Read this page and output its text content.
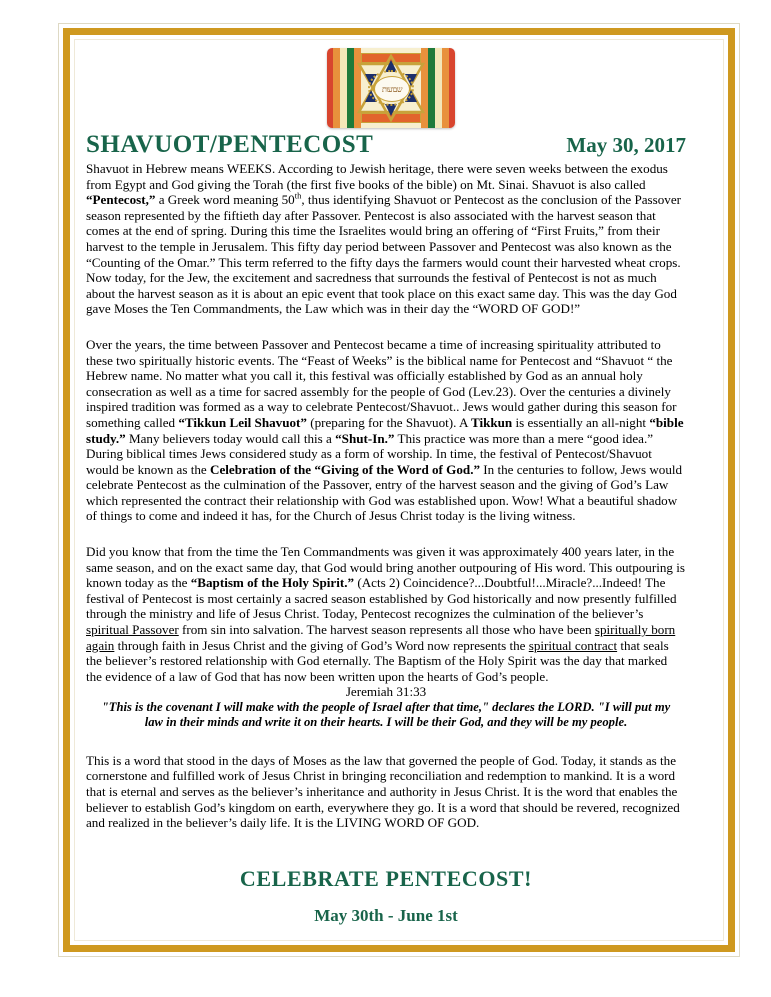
שבועות
SHAVUOT/PENTECOST	May 30, 2017

Shavuot in Hebrew means WEEKS. According to Jewish heritage, there were seven weeks between the exodus from Egypt and God giving the Torah (the first five books of the bible) on Mt. Sinai. Shavuot is also called “Pentecost,” a Greek word meaning 50th, thus identifying Shavuot or Pentecost as the conclusion of the Passover season represented by the fiftieth day after Passover. Pentecost is also associated with the harvest season that comes at the end of spring. During this time the Israelites would bring an offering of “First Fruits,” from their harvest to the temple in Jerusalem. This fifty day period between Passover and Pentecost was also known as the “Counting of the Omar.” This term referred to the fifty days the farmers would count their harvested wheat crops. Now today, for the Jew, the excitement and sacredness that surrounds the festival of Pentecost is not as much about the harvest season as it is about an epic event that took place on this exact same day. This was the day God gave Moses the Ten Commandments, the Law which was in their day the “WORD OF GOD!”

Over the years, the time between Passover and Pentecost became a time of increasing spirituality attributed to these two spiritually historic events. The “Feast of Weeks” is the biblical name for Pentecost and “Shavuot “ the Hebrew name. No matter what you call it, this festival was officially established by God as an annual holy consecration as well as a time for sacred assembly for the people of God (Lev.23). Over the centuries a divinely inspired tradition was formed as a way to celebrate Pentecost/Shavuot.. Jews would gather during this season for something called “Tikkun Leil Shavuot” (preparing for the Shavuot). A Tikkun is essentially an all-night “bible study.” Many believers today would call this a “Shut-In.” This practice was more than a mere “good idea.” During biblical times Jews considered study as a form of worship. In time, the festival of Pentecost/Shavuot would be known as the Celebration of the “Giving of the Word of God.” In the centuries to follow, Jews would celebrate Pentecost as the culmination of the Passover, entry of the harvest season and the giving of God’s Law which represented the contract their relationship with God was established upon. Wow! What a beautiful shadow of things to come and indeed it has, for the Church of Jesus Christ today is the living witness.

Did you know that from the time the Ten Commandments was given it was approximately 400 years later, in the same season, and on the exact same day, that God would bring another outpouring of His word. This outpouring is known today as the “Baptism of the Holy Spirit.” (Acts 2) Coincidence?...Doubtful!...Miracle?...Indeed! The festival of Pentecost is most certainly a sacred season established by God historically and now presently fulfilled through the ministry and life of Jesus Christ. Today, Pentecost recognizes the culmination of the believer’s spiritual Passover from sin into salvation. The harvest season represents all those who have been spiritually born again through faith in Jesus Christ and the giving of God’s Word now represents the spiritual contract that seals the believer’s restored relationship with God eternally. The Baptism of the Holy Spirit was the day that marked the evidence of a law of God that has now been written upon the hearts of God’s people.

Jeremiah 31:33

"This is the covenant I will make with the people of Israel after that time," declares the LORD. "I will put my law in their minds and write it on their hearts. I will be their God, and they will be my people.

This is a word that stood in the days of Moses as the law that governed the people of God. Today, it stands as the cornerstone and fulfilled work of Jesus Christ in bringing reconciliation and redemption to mankind. It is a word that is eternal and serves as the believer’s inheritance and authority in Jesus Christ. It is the word that enables the believer to establish God’s kingdom on earth, everywhere they go. It is a word that should be revered, recognized and realized in the believer’s daily life. It is the LIVING WORD OF GOD.

CELEBRATE PENTECOST!
May 30th - June 1st
